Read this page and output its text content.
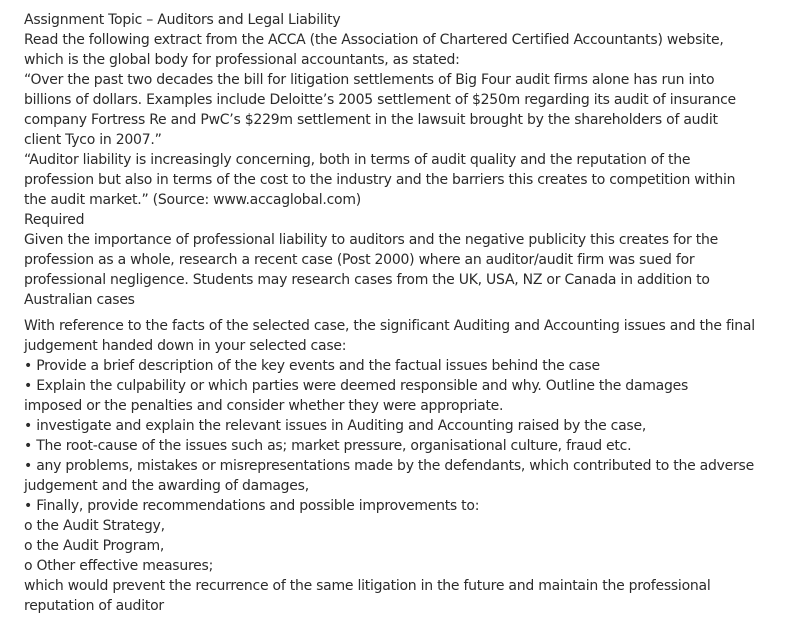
Assignment Topic – Auditors and Legal Liability

Read the following extract from the ACCA (the Association of Chartered Certified Accountants) website,

which is the global body for professional accountants, as stated:

“Over the past two decades the bill for litigation settlements of Big Four audit firms alone has run into

billions of dollars. Examples include Deloitte’s 2005 settlement of $250m regarding its audit of insurance

company Fortress Re and PwC’s $229m settlement in the lawsuit brought by the shareholders of audit

client Tyco in 2007.”

“Auditor liability is increasingly concerning, both in terms of audit quality and the reputation of the

profession but also in terms of the cost to the industry and the barriers this creates to competition within

the audit market.” (Source: www.accaglobal.com)

Required

Given the importance of professional liability to auditors and the negative publicity this creates for the

profession as a whole, research a recent case (Post 2000) where an auditor/audit firm was sued for

professional negligence. Students may research cases from the UK, USA, NZ or Canada in addition to

Australian cases

With reference to the facts of the selected case, the significant Auditing and Accounting issues and the final

judgement handed down in your selected case:

• Provide a brief description of the key events and the factual issues behind the case

• Explain the culpability or which parties were deemed responsible and why. Outline the damages

imposed or the penalties and consider whether they were appropriate.

• investigate and explain the relevant issues in Auditing and Accounting raised by the case,

• The root-cause of the issues such as; market pressure, organisational culture, fraud etc.

• any problems, mistakes or misrepresentations made by the defendants, which contributed to the adverse

judgement and the awarding of damages,

• Finally, provide recommendations and possible improvements to:

o the Audit Strategy,

o the Audit Program,

o Other effective measures;

which would prevent the recurrence of the same litigation in the future and maintain the professional

reputation of auditor
